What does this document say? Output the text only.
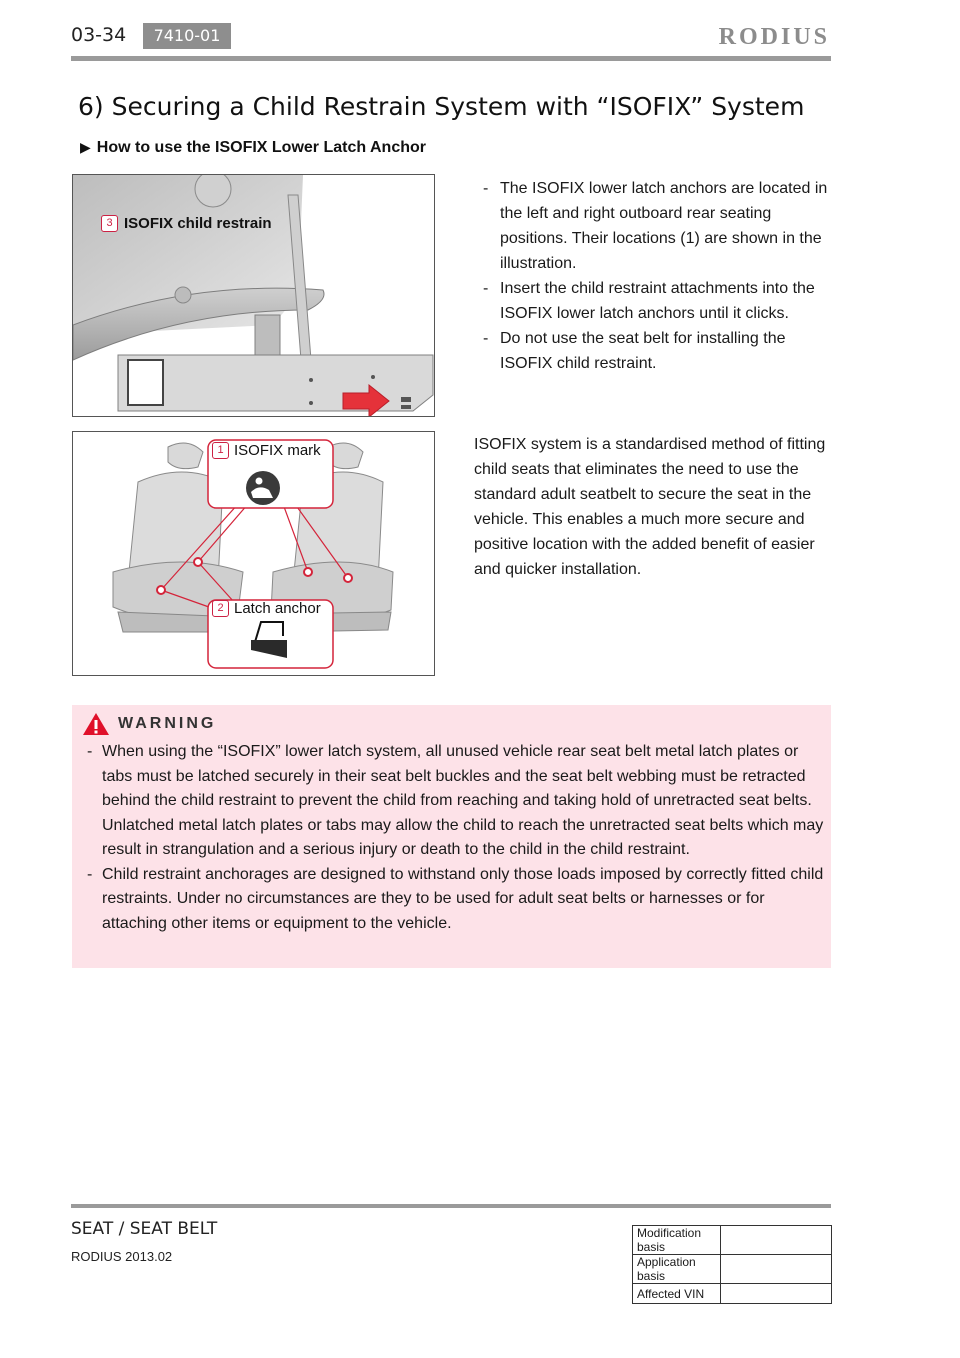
03-34	7410-01	RODIUS
6) Securing a Child Restrain System with “ISOFIX” System
▶ How to use the ISOFIX Lower Latch Anchor
3 ISOFIX child restrain
1 ISOFIX mark
2 Latch anchor
- The ISOFIX lower latch anchors are located in the left and right outboard rear seating positions. Their locations (1) are shown in the illustration.
- Insert the child restraint attachments into the ISOFIX lower latch anchors until it clicks.
- Do not use the seat belt for installing the ISOFIX child restraint.

ISOFIX system is a standardised method of fitting child seats that eliminates the need to use the standard adult seatbelt to secure the seat in the vehicle. This enables a much more secure and positive location with the added benefit of easier and quicker installation.

WARNING
- When using the “ISOFIX” lower latch system, all unused vehicle rear seat belt metal latch plates or tabs must be latched securely in their seat belt buckles and the seat belt webbing must be retracted behind the child restraint to prevent the child from reaching and taking hold of unretracted seat belts. Unlatched metal latch plates or tabs may allow the child to reach the unretracted seat belts which may result in strangulation and a serious injury or death to the child in the child restraint.
- Child restraint anchorages are designed to withstand only those loads imposed by correctly fitted child restraints. Under no circumstances are they to be used for adult seat belts or harnesses or for attaching other items or equipment to the vehicle.
SEAT / SEAT BELT
RODIUS 2013.02
Modification basis	
Application basis	
Affected VIN	
